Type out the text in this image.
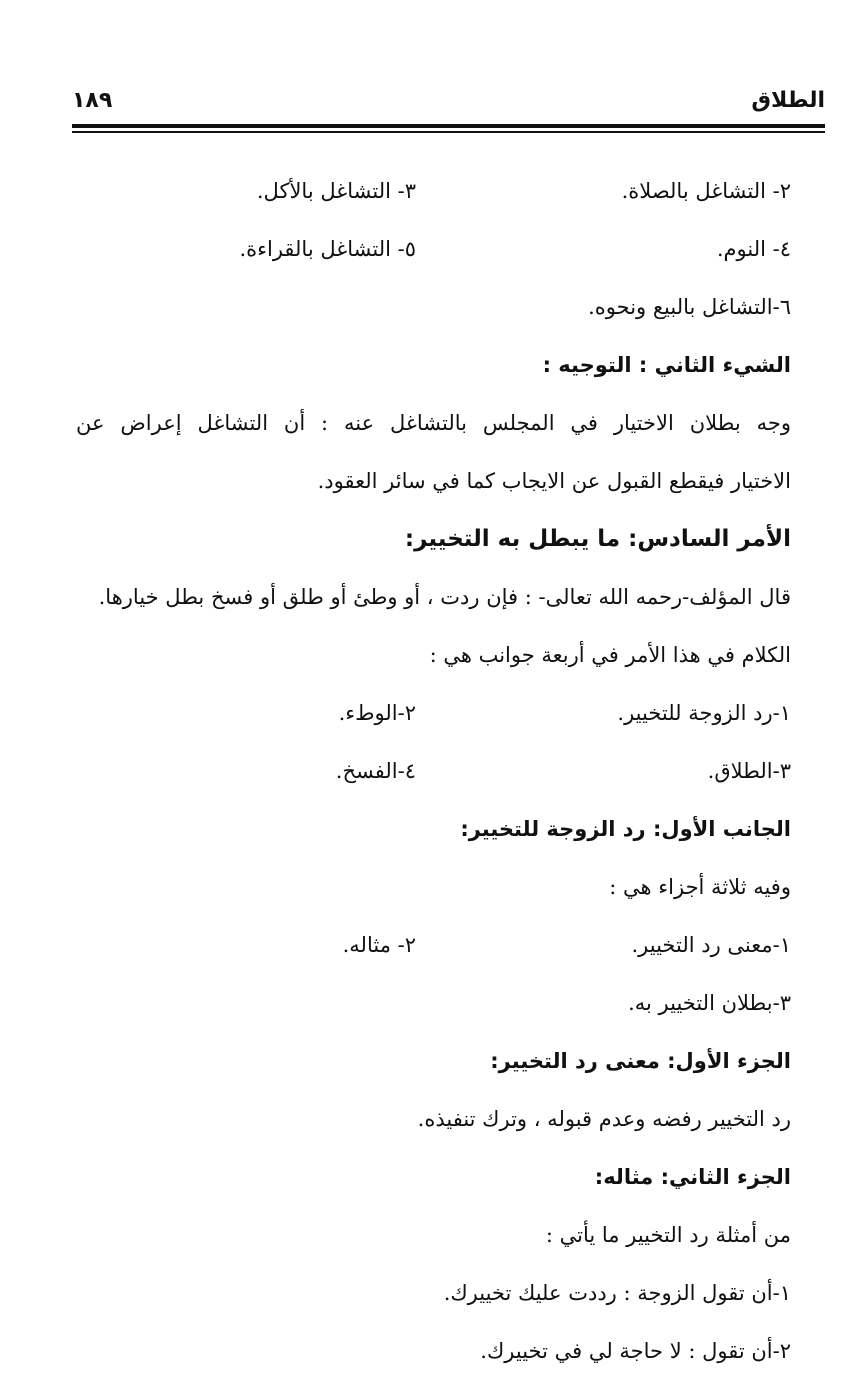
الطلاق
١٨٩
٢- التشاغل بالصلاة.
٣- التشاغل بالأكل.
٤- النوم.
٥- التشاغل بالقراءة.
٦-التشاغل بالبيع ونحوه.
الشيء الثاني : التوجيه :
وجه بطلان الاختيار في المجلس بالتشاغل عنه : أن التشاغل إعراض عن
الاختيار فيقطع القبول عن الايجاب كما في سائر العقود.
الأمر السادس: ما يبطل به التخيير:
قال المؤلف-رحمه الله تعالى- : فإن ردت ، أو وطئ أو طلق أو فسخ بطل خيارها.
الكلام في هذا الأمر في أربعة جوانب هي :
١-رد الزوجة للتخيير.
٢-الوطء.
٣-الطلاق.
٤-الفسخ.
الجانب الأول: رد الزوجة للتخيير:
وفيه ثلاثة أجزاء هي :
١-معنى رد التخيير.
٢- مثاله.
٣-بطلان التخيير به.
الجزء الأول: معنى رد التخيير:
رد التخيير رفضه وعدم قبوله ، وترك تنفيذه.
الجزء الثاني: مثاله:
من أمثلة رد التخيير ما يأتي :
١-أن تقول الزوجة : رددت عليك تخييرك.
٢-أن تقول : لا حاجة لي في تخييرك.
